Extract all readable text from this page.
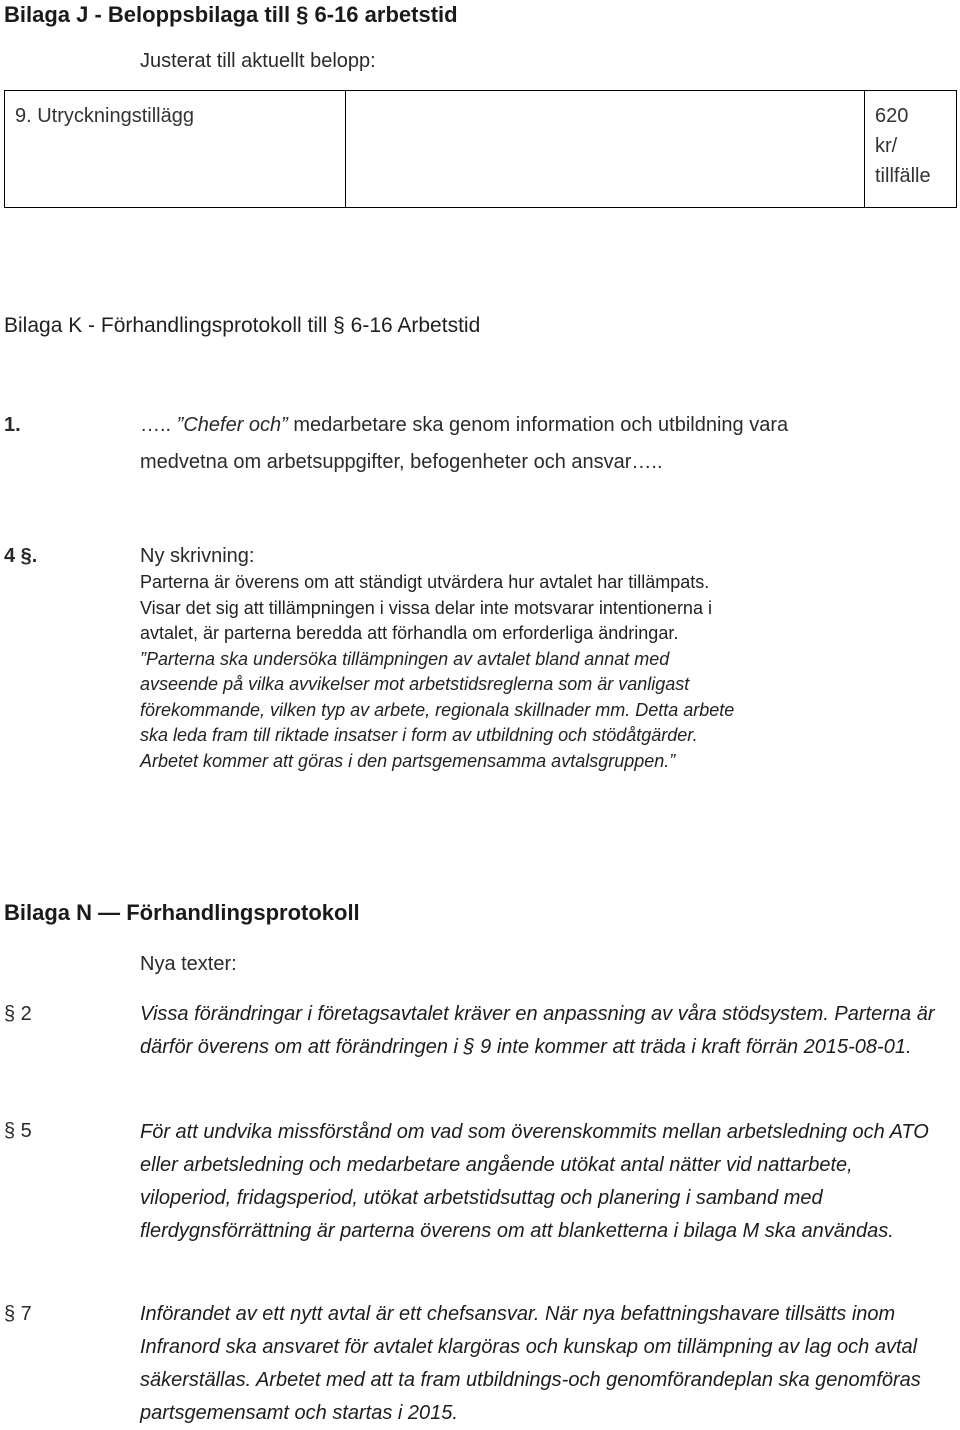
Bilaga J - Beloppsbilaga till § 6-16 arbetstid
Justerat till aktuellt belopp:
9. Utryckningstillägg		620
kr/
tillfälle
Bilaga K - Förhandlingsprotokoll till § 6-16 Arbetstid
1.	….. ”Chefer och” medarbetare ska genom information och utbildning vara
medvetna om arbetsuppgifter, befogenheter och ansvar…..
4 §.	Ny skrivning:

Parterna är överens om att ständigt utvärdera hur avtalet har tillämpats. Visar det sig att tillämpningen i vissa delar inte motsvarar intentionerna i avtalet, är parterna beredda att förhandla om erforderliga ändringar. ”Parterna ska undersöka tillämpningen av avtalet bland annat med avseende på vilka avvikelser mot arbetstidsreglerna som är vanligast förekommande, vilken typ av arbete, regionala skillnader mm. Detta arbete ska leda fram till riktade insatser i form av utbildning och stödåtgärder. Arbetet kommer att göras i den partsgemensamma avtalsgruppen.”

Bilaga N — Förhandlingsprotokoll
Nya texter:
§ 2	Vissa förändringar i företagsavtalet kräver en anpassning av våra stödsystem. Parterna är därför överens om att förändringen i § 9 inte kommer att träda i kraft förrän 2015-08-01.

§ 5	För att undvika missförstånd om vad som överenskommits mellan arbetsledning och ATO eller arbetsledning och medarbetare angående utökat antal nätter vid nattarbete, viloperiod, fridagsperiod, utökat arbetstidsuttag och planering i samband med flerdygnsförrättning är parterna överens om att blanketterna i bilaga M ska användas.

§ 7	Införandet av ett nytt avtal är ett chefsansvar. När nya befattningshavare tillsätts inom Infranord ska ansvaret för avtalet klargöras och kunskap om tillämpning av lag och avtal säkerställas. Arbetet med att ta fram utbildnings-och genomförandeplan ska genomföras partsgemensamt och startas i 2015.
